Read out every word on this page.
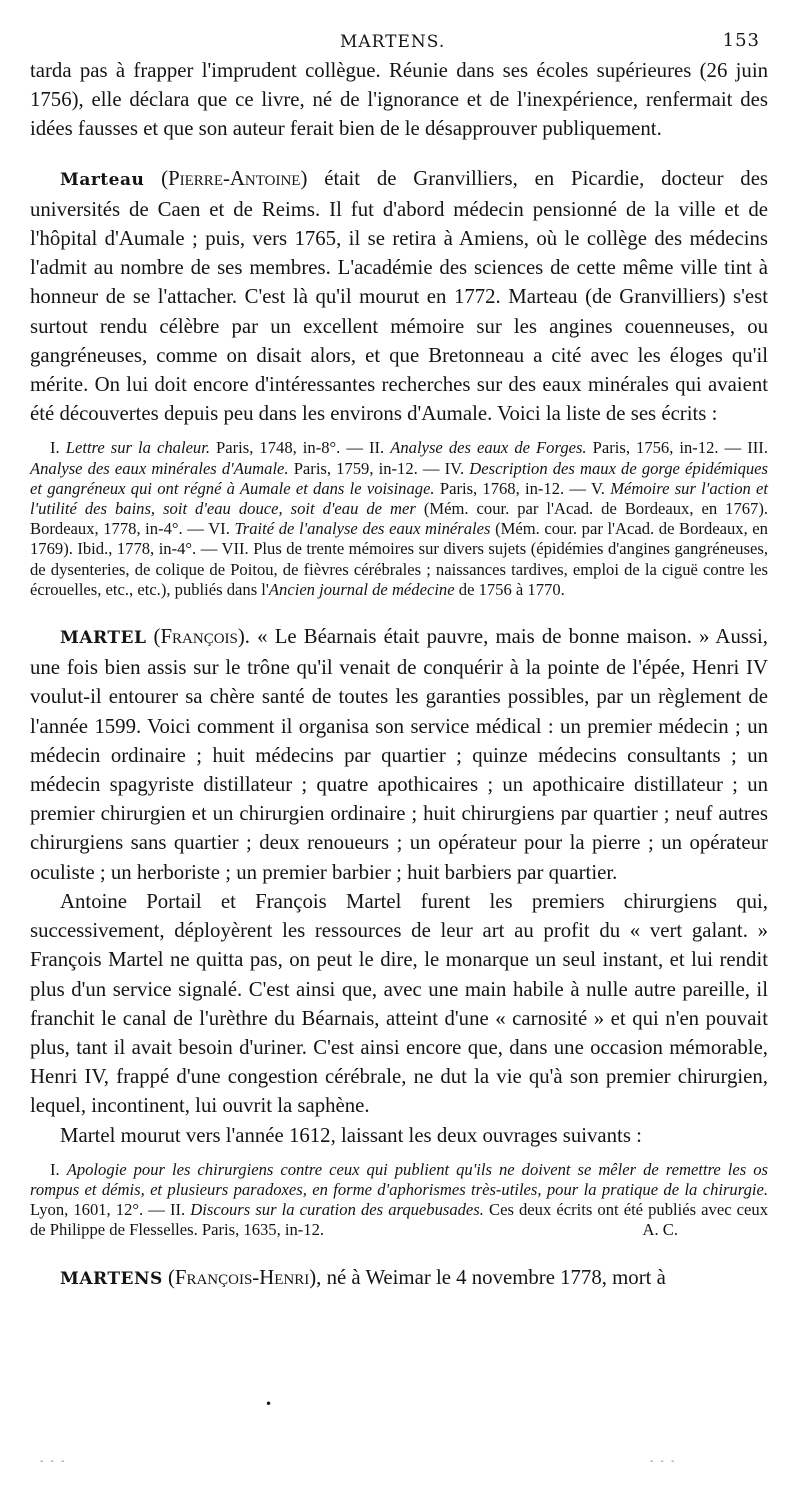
MARTENS.	153

tarda pas à frapper l'imprudent collègue. Réunie dans ses écoles supérieures (26 juin 1756), elle déclara que ce livre, né de l'ignorance et de l'inexpérience, renfermait des idées fausses et que son auteur ferait bien de le désapprouver publiquement.

Marteau (Pierre-Antoine) était de Granvilliers, en Picardie, docteur des universités de Caen et de Reims. Il fut d'abord médecin pensionné de la ville et de l'hôpital d'Aumale ; puis, vers 1765, il se retira à Amiens, où le collège des médecins l'admit au nombre de ses membres. L'académie des sciences de cette même ville tint à honneur de se l'attacher. C'est là qu'il mourut en 1772. Marteau (de Granvilliers) s'est surtout rendu célèbre par un excellent mémoire sur les angines couenneuses, ou gangréneuses, comme on disait alors, et que Bretonneau a cité avec les éloges qu'il mérite. On lui doit encore d'intéressantes recherches sur des eaux minérales qui avaient été découvertes depuis peu dans les environs d'Aumale. Voici la liste de ses écrits :

I. Lettre sur la chaleur. Paris, 1748, in-8°. — II. Analyse des eaux de Forges. Paris, 1756, in-12. — III. Analyse des eaux minérales d'Aumale. Paris, 1759, in-12. — IV. Description des maux de gorge épidémiques et gangréneux qui ont régné à Aumale et dans le voisinage. Paris, 1768, in-12. — V. Mémoire sur l'action et l'utilité des bains, soit d'eau douce, soit d'eau de mer (Mém. cour. par l'Acad. de Bordeaux, en 1767). Bordeaux, 1778, in-4°. — VI. Traité de l'analyse des eaux minérales (Mém. cour. par l'Acad. de Bordeaux, en 1769). Ibid., 1778, in-4°. — VII. Plus de trente mémoires sur divers sujets (épidémies d'angines gangréneuses, de dysenteries, de colique de Poitou, de fièvres cérébrales ; naissances tardives, emploi de la ciguë contre les écrouelles, etc., etc.), publiés dans l'Ancien journal de médecine de 1756 à 1770.

MARTEL (François). « Le Béarnais était pauvre, mais de bonne maison. » Aussi, une fois bien assis sur le trône qu'il venait de conquérir à la pointe de l'épée, Henri IV voulut-il entourer sa chère santé de toutes les garanties possibles, par un règlement de l'année 1599. Voici comment il organisa son service médical : un premier médecin ; un médecin ordinaire ; huit médecins par quartier ; quinze médecins consultants ; un médecin spagyriste distillateur ; quatre apothicaires ; un apothicaire distillateur ; un premier chirurgien et un chirurgien ordinaire ; huit chirurgiens par quartier ; neuf autres chirurgiens sans quartier ; deux renoueurs ; un opérateur pour la pierre ; un opérateur oculiste ; un herboriste ; un premier barbier ; huit barbiers par quartier.

Antoine Portail et François Martel furent les premiers chirurgiens qui, successivement, déployèrent les ressources de leur art au profit du « vert galant. » François Martel ne quitta pas, on peut le dire, le monarque un seul instant, et lui rendit plus d'un service signalé. C'est ainsi que, avec une main habile à nulle autre pareille, il franchit le canal de l'urèthre du Béarnais, atteint d'une « carnosité » et qui n'en pouvait plus, tant il avait besoin d'uriner. C'est ainsi encore que, dans une occasion mémorable, Henri IV, frappé d'une congestion cérébrale, ne dut la vie qu'à son premier chirurgien, lequel, incontinent, lui ouvrit la saphène.

Martel mourut vers l'année 1612, laissant les deux ouvrages suivants :

I. Apologie pour les chirurgiens contre ceux qui publient qu'ils ne doivent se mêler de remettre les os rompus et démis, et plusieurs paradoxes, en forme d'aphorismes très-utiles, pour la pratique de la chirurgie. Lyon, 1601, 12°. — II. Discours sur la curation des arquebusades. Ces deux écrits ont été publiés avec ceux de Philippe de Flesselles. Paris, 1635, in-12.	A. C.

MARTENS (François-Henri), né à Weimar le 4 novembre 1778, mort à

•
- - -	- - -
